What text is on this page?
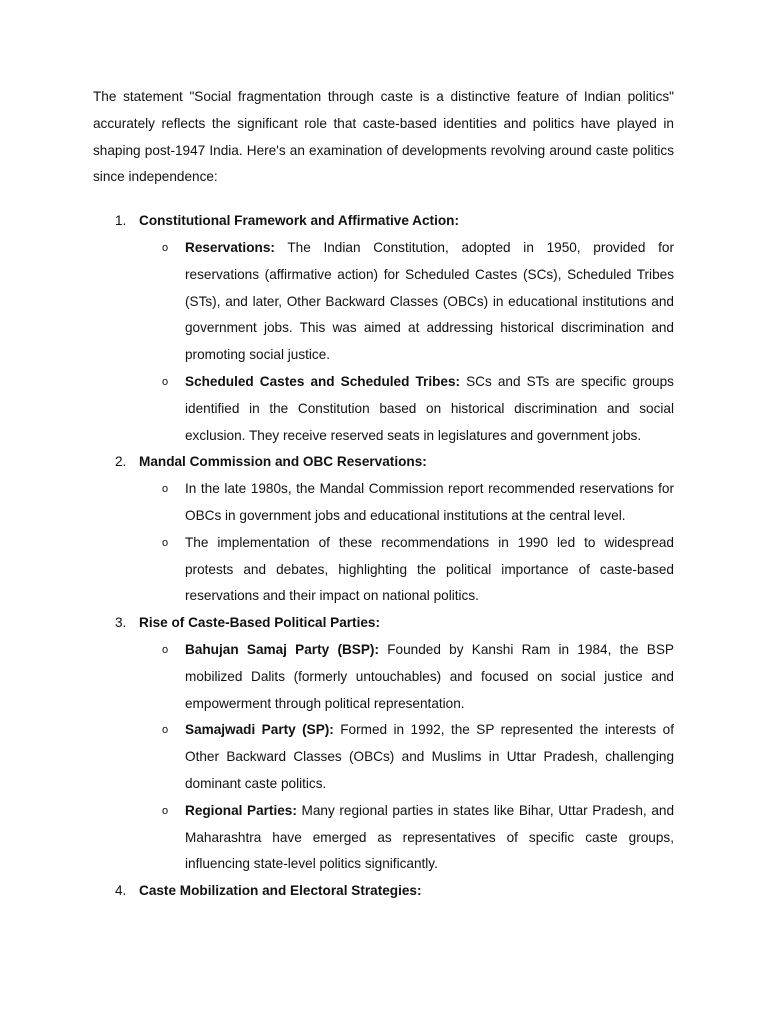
The statement "Social fragmentation through caste is a distinctive feature of Indian politics" accurately reflects the significant role that caste-based identities and politics have played in shaping post-1947 India. Here's an examination of developments revolving around caste politics since independence:

1. Constitutional Framework and Affirmative Action:
o Reservations: The Indian Constitution, adopted in 1950, provided for reservations (affirmative action) for Scheduled Castes (SCs), Scheduled Tribes (STs), and later, Other Backward Classes (OBCs) in educational institutions and government jobs. This was aimed at addressing historical discrimination and promoting social justice.
o Scheduled Castes and Scheduled Tribes: SCs and STs are specific groups identified in the Constitution based on historical discrimination and social exclusion. They receive reserved seats in legislatures and government jobs.
2. Mandal Commission and OBC Reservations:
o In the late 1980s, the Mandal Commission report recommended reservations for OBCs in government jobs and educational institutions at the central level.
o The implementation of these recommendations in 1990 led to widespread protests and debates, highlighting the political importance of caste-based reservations and their impact on national politics.
3. Rise of Caste-Based Political Parties:
o Bahujan Samaj Party (BSP): Founded by Kanshi Ram in 1984, the BSP mobilized Dalits (formerly untouchables) and focused on social justice and empowerment through political representation.
o Samajwadi Party (SP): Formed in 1992, the SP represented the interests of Other Backward Classes (OBCs) and Muslims in Uttar Pradesh, challenging dominant caste politics.
o Regional Parties: Many regional parties in states like Bihar, Uttar Pradesh, and Maharashtra have emerged as representatives of specific caste groups, influencing state-level politics significantly.
4. Caste Mobilization and Electoral Strategies:
